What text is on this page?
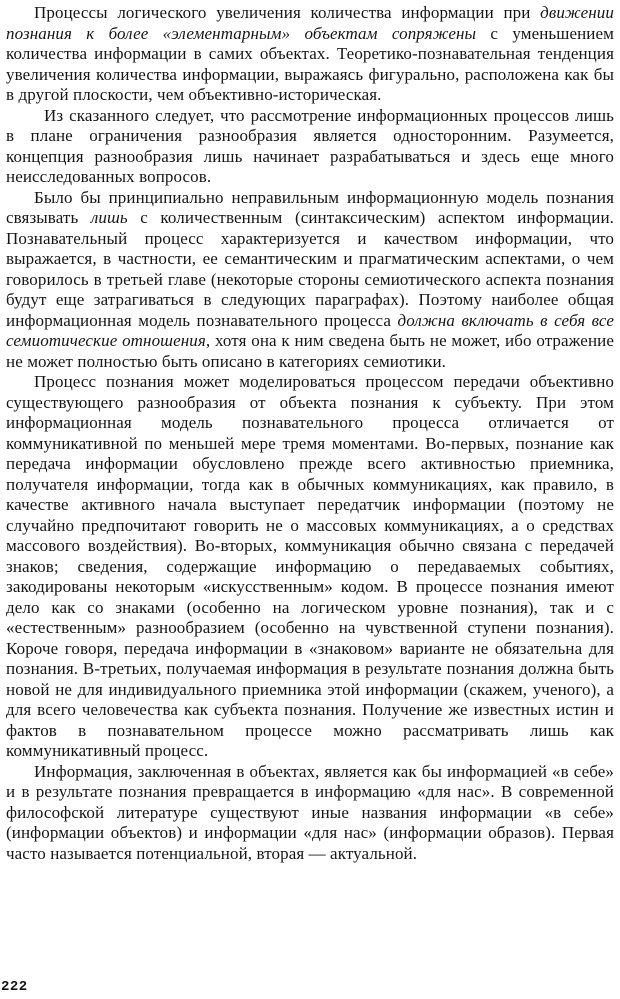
Процессы логического увеличения количества информации при движении познания к более «элементарным» объектам сопряжены с уменьшением количества информации в самих объектах. Теоретико-познавательная тенденция увеличения количества информации, выражаясь фигурально, расположена как бы в другой плоскости, чем объективно-историческая.

Из сказанного следует, что рассмотрение информационных процессов лишь в плане ограничения разнообразия является односторонним. Разумеется, концепция разнообразия лишь начинает разрабатываться и здесь еще много неисследованных вопросов.

Было бы принципиально неправильным информационную модель познания связывать лишь с количественным (синтаксическим) аспектом информации. Познавательный процесс характеризуется и качеством информации, что выражается, в частности, ее семантическим и прагматическим аспектами, о чем говорилось в третьей главе (некоторые стороны семиотического аспекта познания будут еще затрагиваться в следующих параграфах). Поэтому наиболее общая информационная модель познавательного процесса должна включать в себя все семиотические отношения, хотя она к ним сведена быть не может, ибо отражение не может полностью быть описано в категориях семиотики.

Процесс познания может моделироваться процессом передачи объективно существующего разнообразия от объекта познания к субъекту. При этом информационная модель познавательного процесса отличается от коммуникативной по меньшей мере тремя моментами. Во-первых, познание как передача информации обусловлено прежде всего активностью приемника, получателя информации, тогда как в обычных коммуникациях, как правило, в качестве активного начала выступает передатчик информации (поэтому не случайно предпочитают говорить не о массовых коммуникациях, а о средствах массового воздействия). Во-вторых, коммуникация обычно связана с передачей знаков; сведения, содержащие информацию о передаваемых событиях, закодированы некоторым «искусственным» кодом. В процессе познания имеют дело как со знаками (особенно на логическом уровне познания), так и с «естественным» разнообразием (особенно на чувственной ступени познания). Короче говоря, передача информации в «знаковом» варианте не обязательна для познания. В-третьих, получаемая информация в результате познания должна быть новой не для индивидуального приемника этой информации (скажем, ученого), а для всего человечества как субъекта познания. Получение же известных истин и фактов в познавательном процессе можно рассматривать лишь как коммуникативный процесс.

Информация, заключенная в объектах, является как бы информацией «в себе» и в результате познания превращается в информацию «для нас». В современной философской литературе существуют иные названия информации «в себе» (информации объектов) и информации «для нас» (информации образов). Первая часто называется потенциальной, вторая — актуальной.

222
